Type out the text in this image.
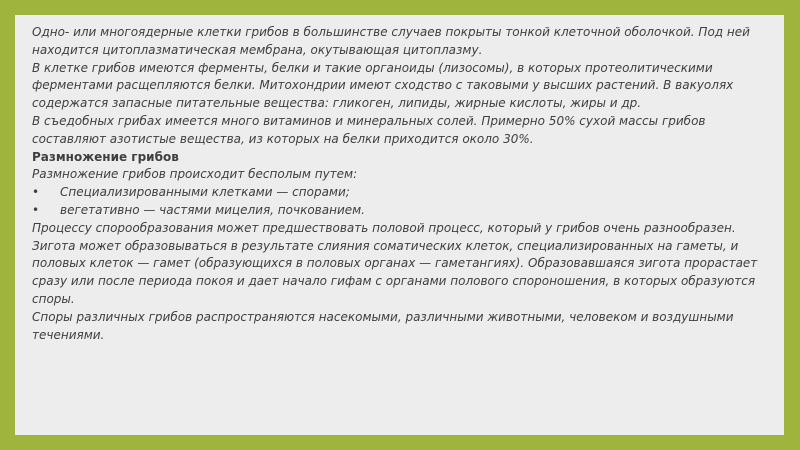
Одно- или многоядерные клетки грибов в большинстве случаев покрыты тонкой клеточной оболочкой. Под ней находится цитоплазматическая мембрана, окутывающая цитоплазму.

В клетке грибов имеются ферменты, белки и такие органоиды (лизосомы), в которых протеолитическими ферментами расщепляются белки. Митохондрии имеют сходство с таковыми у высших растений. В вакуолях содержатся запасные питательные вещества: гликоген, липиды, жирные кислоты, жиры и др.

В съедобных грибах имеется много витаминов и минеральных солей. Примерно 50% сухой массы грибов составляют азотистые вещества, из которых на белки приходится около 30%.

Размножение грибов

Размножение грибов происходит бесполым путем:

•	Специализированными клетками — спорами;
•	вегетативно — частями мицелия, почкованием.

Процессу спорообразования может предшествовать половой процесс, который у грибов очень разнообразен. Зигота может образовываться в результате слияния соматических клеток, специализированных на гаметы, и половых клеток — гамет (образующихся в половых органах — гаметангиях). Образовавшаяся зигота прорастает сразу или после периода покоя и дает начало гифам с органами полового спороношения, в которых образуются споры.

Споры различных грибов распространяются насекомыми, различными животными, человеком и воздушными течениями.
